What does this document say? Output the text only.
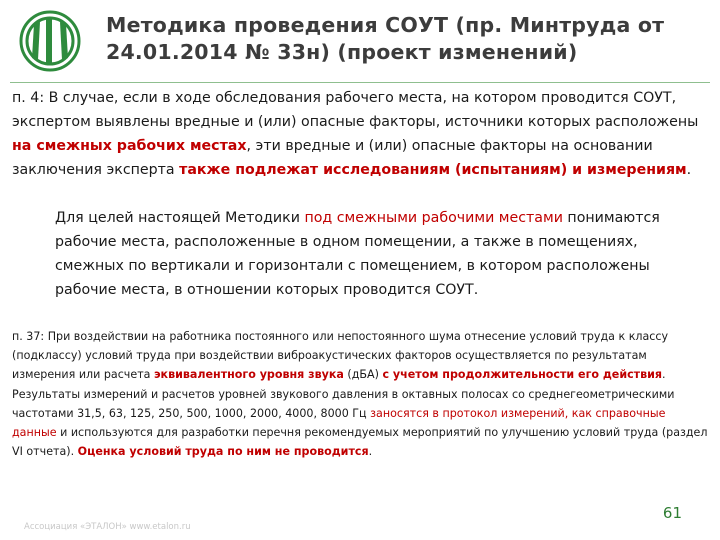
Методика проведения СОУТ (пр. Минтруда от 24.01.2014 № 33н) (проект изменений)
п. 4: В случае, если в ходе обследования рабочего места, на котором проводится СОУТ, экспертом выявлены вредные и (или) опасные факторы, источники которых расположены на смежных рабочих местах, эти вредные и (или) опасные факторы на основании заключения эксперта также подлежат исследованиям (испытаниям) и измерениям.
Для целей настоящей Методики под смежными рабочими местами понимаются рабочие места, расположенные в одном помещении, а также в помещениях, смежных по вертикали и горизонтали с помещением, в котором расположены рабочие места, в отношении которых проводится СОУТ.
п. 37: При воздействии на работника постоянного или непостоянного шума отнесение условий труда к классу (подклассу) условий труда при воздействии виброакустических факторов осуществляется по результатам измерения или расчета эквивалентного уровня звука (дБА) с учетом продолжительности его действия.
Результаты измерений и расчетов уровней звукового давления в октавных полосах со среднегеометрическими частотами 31,5, 63, 125, 250, 500, 1000, 2000, 4000, 8000 Гц заносятся в протокол измерений, как справочные данные и используются для разработки перечня рекомендуемых мероприятий по улучшению условий труда (раздел VI отчета). Оценка условий труда по ним не проводится.
Ассоциация «ЭТАЛОН» www.etalon.ru
61
